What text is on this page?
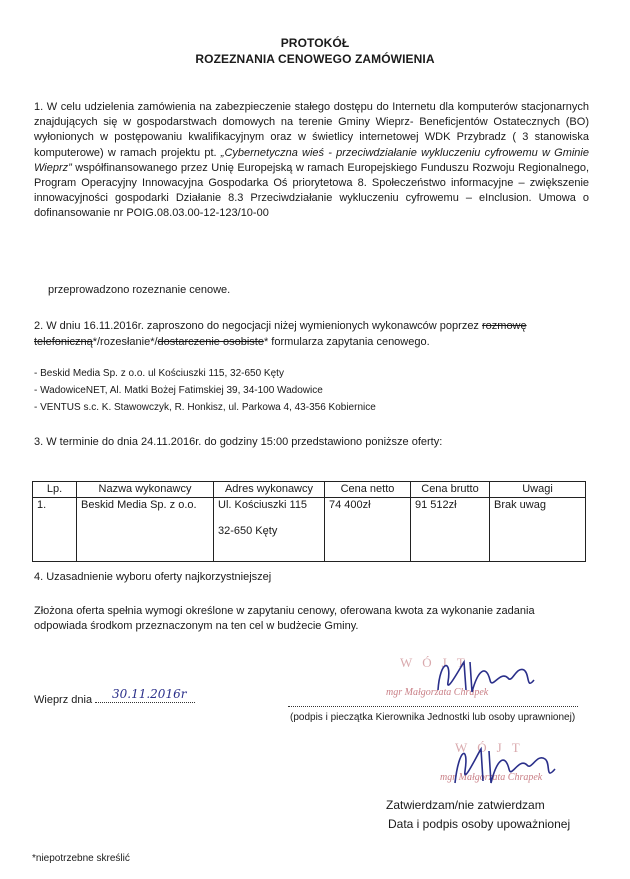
PROTOKÓŁ
ROZEZNANIA CENOWEGO ZAMÓWIENIA
1. W celu udzielenia zamówienia na zabezpieczenie stałego dostępu do Internetu dla komputerów stacjonarnych znajdujących się w gospodarstwach domowych na terenie Gminy Wieprz- Beneficjentów Ostatecznych (BO) wyłonionych w postępowaniu kwalifikacyjnym oraz w świetlicy internetowej WDK Przybradz ( 3 stanowiska komputerowe) w ramach projektu pt. „Cybernetyczna wieś - przeciwdziałanie wykluczeniu cyfrowemu w Gminie Wieprz” współfinansowanego przez Unię Europejską w ramach Europejskiego Funduszu Rozwoju Regionalnego, Program Operacyjny Innowacyjna Gospodarka Oś priorytetowa 8. Społeczeństwo informacyjne – zwiększenie innowacyjności gospodarki Działanie 8.3 Przeciwdziałanie wykluczeniu cyfrowemu – eInclusion. Umowa o dofinansowanie nr POIG.08.03.00-12-123/10-00
przeprowadzono rozeznanie cenowe.
2. W dniu 16.11.2016r. zaproszono do negocjacji niżej wymienionych wykonawców poprzez rozmowę
telefoniczną*/rozesłanie*/dostarczenie osobiste* formularza zapytania cenowego.
- Beskid Media Sp. z o.o. ul Kościuszki 115, 32-650 Kęty
- WadowiceNET, Al. Matki Bożej Fatimskiej 39, 34-100 Wadowice
- VENTUS s.c. K. Stawowczyk, R. Honkisz, ul. Parkowa 4, 43-356 Kobiernice
3. W terminie do dnia 24.11.2016r. do godziny 15:00 przedstawiono poniższe oferty:
Lp.	Nazwa wykonawcy	Adres wykonawcy	Cena netto	Cena brutto	Uwagi
1.	Beskid Media Sp. z o.o.	Ul. Kościuszki 115
32-650 Kęty	74 400zł	91 512zł	Brak uwag
4. Uzasadnienie wyboru oferty najkorzystniejszej
Złożona oferta spełnia wymogi określone w zapytaniu cenowy, oferowana kwota za wykonanie zadania odpowiada środkom przeznaczonym na ten cel w budżecie Gminy.
WÓJT
mgr Małgorzata Chrapek
Wieprz dnia	30.11.2016r
(podpis i pieczątka Kierownika Jednostki lub osoby uprawnionej)
WÓJT
mgr Małgorzata Chrapek
Zatwierdzam/nie zatwierdzam
Data i podpis osoby upoważnionej
*niepotrzebne skreślić
